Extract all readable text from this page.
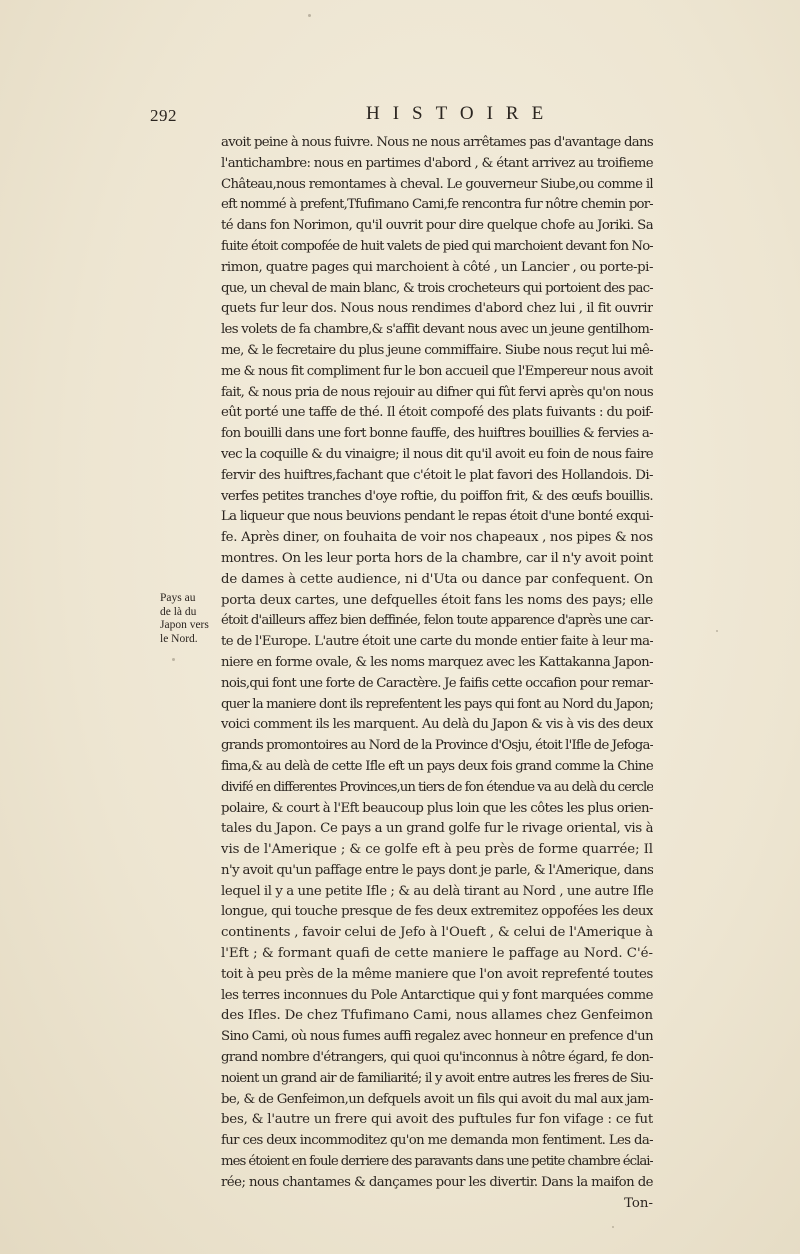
292	HISTOIRE
Pays au
de là du
Japon vers
le Nord.
avoit peine à nous fuivre. Nous ne nous arrêtames pas d'avantage dans
l'antichambre: nous en partimes d'abord , & étant arrivez au troifieme
Château,nous remontames à cheval. Le gouverneur Siube,ou comme il
eft nommé à prefent,Tfufimano Cami,fe rencontra fur nôtre chemin por-
té dans fon Norimon, qu'il ouvrit pour dire quelque chofe au Joriki. Sa
fuite étoit compofée de huit valets de pied qui marchoient devant fon No-
rimon, quatre pages qui marchoient à côté , un Lancier , ou porte-pi-
que, un cheval de main blanc, & trois crocheteurs qui portoient des pac-
quets fur leur dos. Nous nous rendimes d'abord chez lui , il fit ouvrir
les volets de fa chambre,& s'affit devant nous avec un jeune gentilhom-
me, & le fecretaire du plus jeune commiffaire. Siube nous reçut lui mê-
me & nous fit compliment fur le bon accueil que l'Empereur nous avoit
fait, & nous pria de nous rejouir au difner qui fût fervi après qu'on nous
eût porté une taffe de thé. Il étoit compofé des plats fuivants : du poif-
fon bouilli dans une fort bonne fauffe, des huiftres bouillies & fervies a-
vec la coquille & du vinaigre; il nous dit qu'il avoit eu foin de nous faire
fervir des huiftres,fachant que c'étoit le plat favori des Hollandois. Di-
verfes petites tranches d'oye roftie, du poiffon frit, & des œufs bouillis.
La liqueur que nous beuvions pendant le repas étoit d'une bonté exqui-
fe. Après diner, on fouhaita de voir nos chapeaux , nos pipes & nos
montres. On les leur porta hors de la chambre, car il n'y avoit point
de dames à cette audience, ni d'Uta ou dance par confequent. On
porta deux cartes, une defquelles étoit fans les noms des pays; elle
étoit d'ailleurs affez bien deffinée, felon toute apparence d'après une car-
te de l'Europe. L'autre étoit une carte du monde entier faite à leur ma-
niere en forme ovale, & les noms marquez avec les Kattakanna Japon-
nois,qui font une forte de Caractère. Je faifis cette occafion pour remar-
quer la maniere dont ils reprefentent les pays qui font au Nord du Japon;
voici comment ils les marquent. Au delà du Japon & vis à vis des deux
grands promontoires au Nord de la Province d'Osju, étoit l'Ifle de Jefoga-
fima,& au delà de cette Ifle eft un pays deux fois grand comme la Chine
divifé en differentes Provinces,un tiers de fon étendue va au delà du cercle
polaire, & court à l'Eft beaucoup plus loin que les côtes les plus orien-
tales du Japon. Ce pays a un grand golfe fur le rivage oriental, vis à
vis de l'Amerique ; & ce golfe eft à peu près de forme quarrée; Il
n'y avoit qu'un paffage entre le pays dont je parle, & l'Amerique, dans
lequel il y a une petite Ifle ; & au delà tirant au Nord , une autre Ifle
longue, qui touche presque de fes deux extremitez oppofées les deux
continents , favoir celui de Jefo à l'Oueft , & celui de l'Amerique à
l'Eft ; & formant quafi de cette maniere le paffage au Nord. C'é-
toit à peu près de la même maniere que l'on avoit reprefenté toutes
les terres inconnues du Pole Antarctique qui y font marquées comme
des Ifles. De chez Tfufimano Cami, nous allames chez Genfeimon
Sino Cami, où nous fumes auffi regalez avec honneur en prefence d'un
grand nombre d'étrangers, qui quoi qu'inconnus à nôtre égard, fe don-
noient un grand air de familiarité; il y avoit entre autres les freres de Siu-
be, & de Genfeimon,un defquels avoit un fils qui avoit du mal aux jam-
bes, & l'autre un frere qui avoit des puftules fur fon vifage : ce fut
fur ces deux incommoditez qu'on me demanda mon fentiment. Les da-
mes étoient en foule derriere des paravants dans une petite chambre éclai-
rée; nous chantames & dançames pour les divertir. Dans la maifon de
Ton-
